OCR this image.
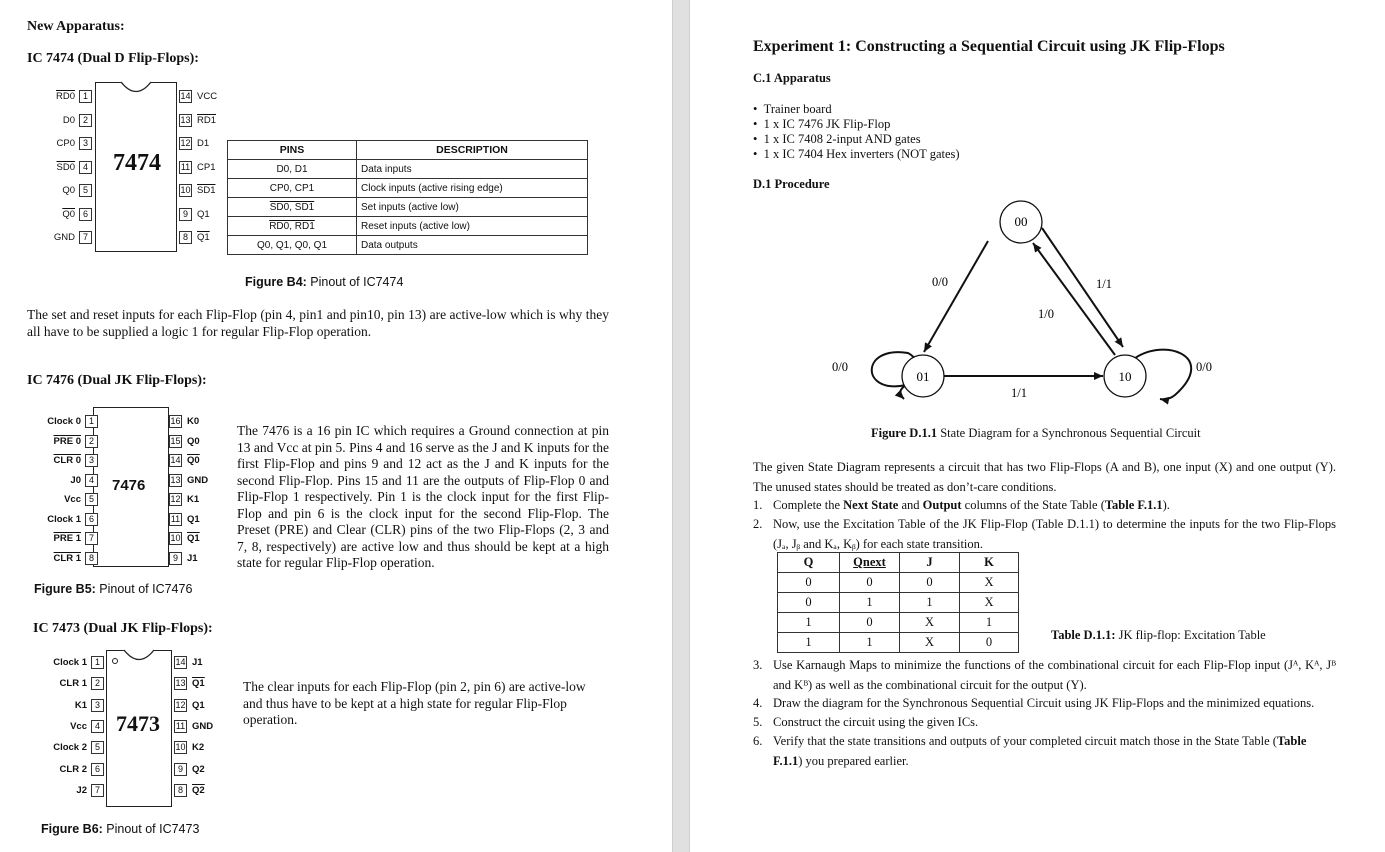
New Apparatus:
IC 7474 (Dual D Flip-Flops):
7474
1
RD0
2
D0
3
CP0
4
SD0
5
Q0
6
Q0
7
GND
14 VCC
13 RD1
12 D1
11 CP1
10 SD1
9 Q1
8 Q1
PINS	DESCRIPTION
D0, D1	Data inputs
CP0, CP1	Clock inputs (active rising edge)
SD0, SD1	Set inputs (active low)
RD0, RD1	Reset inputs (active low)
Q0, Q1, Q0, Q1	Data outputs
Figure B4: Pinout of IC7474
The set and reset inputs for each Flip-Flop (pin 4, pin1 and pin10, pin 13) are active-low which is why they all have to be supplied a logic 1 for regular Flip-Flop operation.
IC 7476 (Dual JK Flip-Flops):
7476
1
Clock 0
2
PRE 0
3
CLR 0
4
J0
5
Vcc
6
Clock 1
7
PRE 1
8
CLR 1
16 K0
15 Q0
14 Q0
13 GND
12 K1
11 Q1
10 Q1
9 J1
The 7476 is a 16 pin IC which requires a Ground connection at pin 13 and Vcc at pin 5. Pins 4 and 16 serve as the J and K inputs for the first Flip-Flop and pins 9 and 12 act as the J and K inputs for the second Flip-Flop. Pins 15 and 11 are the outputs of Flip-Flop 0 and Flip-Flop 1 respectively. Pin 1 is the clock input for the first Flip-Flop and pin 6 is the clock input for the second Flip-Flop. The Preset (PRE) and Clear (CLR) pins of the two Flip-Flops (2, 3 and 7, 8, respectively) are active low and thus should be kept at a high state for regular Flip-Flop operation.
Figure B5: Pinout of IC7476
IC 7473 (Dual JK Flip-Flops):
7473
1
Clock 1
2
CLR 1
3
K1
4
Vcc
5
Clock 2
6
CLR 2
7
J2
14 J1
13 Q1
12 Q1
11 GND
10 K2
9 Q2
8 Q2
The clear inputs for each Flip-Flop (pin 2, pin 6) are active-low and thus have to be kept at a high state for regular Flip-Flop operation.
Figure B6: Pinout of IC7473
Experiment 1: Constructing a Sequential Circuit using JK Flip-Flops
C.1 Apparatus
•  Trainer board
•  1 x IC 7476 JK Flip-Flop
•  1 x IC 7408 2-input AND gates
•  1 x IC 7404 Hex inverters (NOT gates)
D.1 Procedure
00
01	10
0/0	1/1
1/0
1/1
0/0	0/0
Figure D.1.1 State Diagram for a Synchronous Sequential Circuit
The given State Diagram represents a circuit that has two Flip-Flops (A and B), one input (X) and one output (Y). The unused states should be treated as don’t-care conditions.
1. Complete the Next State and Output columns of the State Table (Table F.1.1).
2. Now, use the Excitation Table of the JK Flip-Flop (Table D.1.1) to determine the inputs for the two Flip-Flops (Jₐ, Jᵦ and Kₐ, Kᵦ) for each state transition.
Q	Qnext	J	K
0	0	0	X
0	1	1	X
1	0	X	1
1	1	X	0	Table D.1.1: JK flip-flop: Excitation Table
3. Use Karnaugh Maps to minimize the functions of the combinational circuit for each Flip-Flop input (Jᴬ, Kᴬ, Jᴮ and Kᴮ) as well as the combinational circuit for the output (Y).
4. Draw the diagram for the Synchronous Sequential Circuit using JK Flip-Flops and the minimized equations.
5. Construct the circuit using the given ICs.
6. Verify that the state transitions and outputs of your completed circuit match those in the State Table (Table F.1.1) you prepared earlier.
